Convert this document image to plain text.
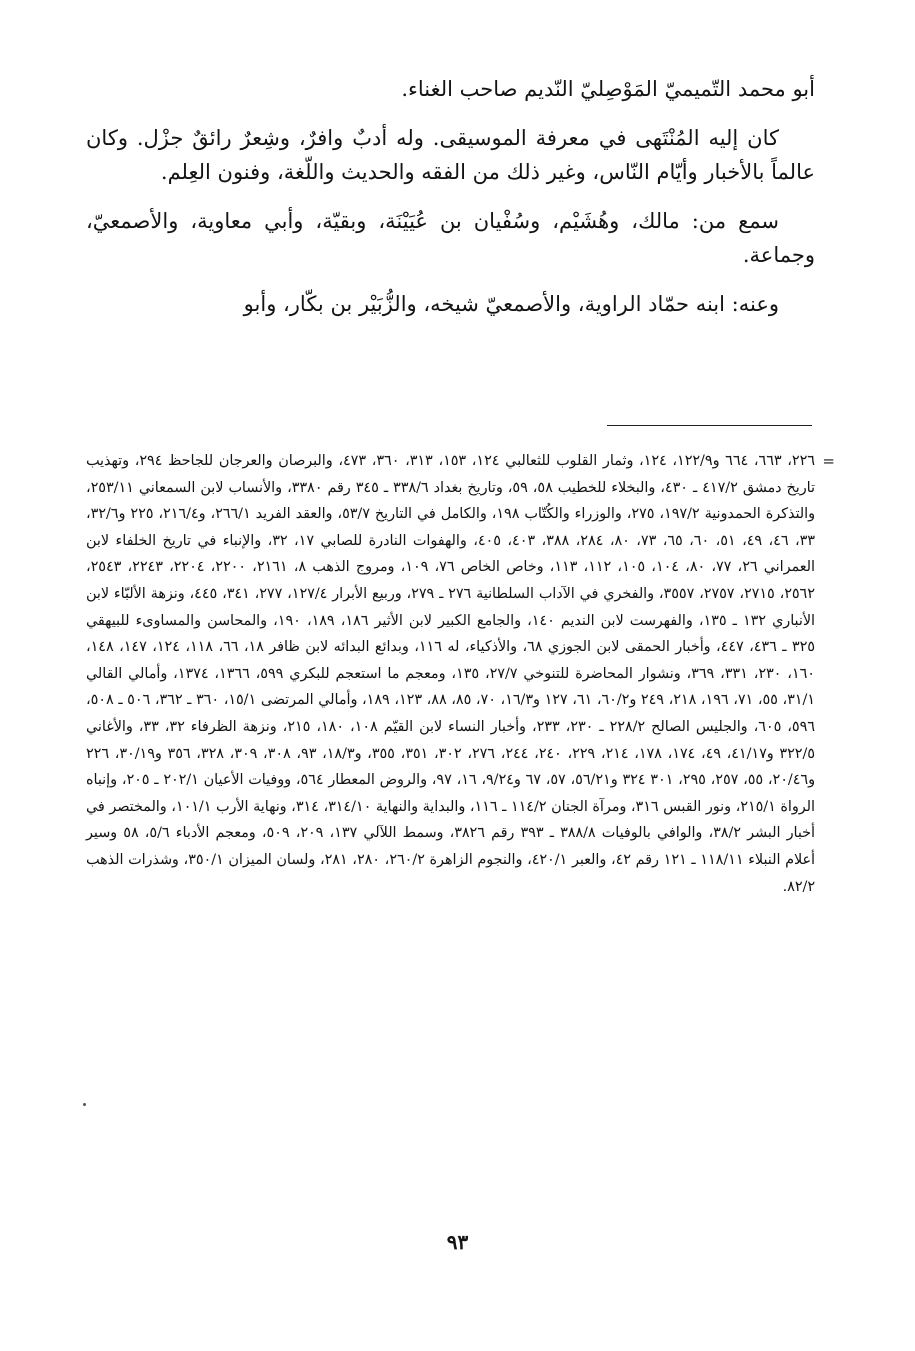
أبو محمد التّميميّ المَوْصِليّ النّديم صاحب الغناء.

كان إليه المُنْتَهى في معرفة الموسيقى. وله أدبٌ وافرٌ، وشِعرٌ رائقٌ جزْل. وكان عالماً بالأخبار وأيّام النّاس، وغير ذلك من الفقه والحديث واللّغة، وفنون العِلم.

سمع من: مالك، وهُشَيْم، وسُفْيان بن عُيَيْنَة، وبقيّة، وأبي معاوية، والأصمعيّ، وجماعة.

وعنه: ابنه حمّاد الراوية، والأصمعيّ شيخه، والزُّبَيْر بن بكّار، وأبو

=

٢٢٦، ٦٦٣، ٦٦٤ و١٢٢/٩، ١٢٤، وثمار القلوب للثعالبي ١٢٤، ١٥٣، ٣١٣، ٣٦٠، ٤٧٣، والبرصان والعرجان للجاحظ ٢٩٤، وتهذيب تاريخ دمشق ٤١٧/٢ ـ ٤٣٠، والبخلاء للخطيب ٥٨، ٥٩، وتاريخ بغداد ٣٣٨/٦ ـ ٣٤٥ رقم ٣٣٨٠، والأنساب لابن السمعاني ٢٥٣/١١، والتذكرة الحمدونية ١٩٧/٢، ٢٧٥، والوزراء والكُتّاب ١٩٨، والكامل في التاريخ ٥٣/٧، والعقد الفريد ٢٦٦/١، و٢١٦/٤، ٢٢٥ و٣٢/٦، ٣٣، ٤٦، ٤٩، ٥١، ٦٠، ٦٥، ٧٣، ٨٠، ٢٨٤، ٣٨٨، ٤٠٣، ٤٠٥، والهفوات النادرة للصابي ١٧، ٣٢، والإنباء في تاريخ الخلفاء لابن العمراني ٢٦، ٧٧، ٨٠، ١٠٤، ١٠٥، ١١٢، ١١٣، وخاص الخاص ٧٦، ١٠٩، ومروج الذهب ٨، ٢١٦١، ٢٢٠٠، ٢٢٠٤، ٢٢٤٣، ٢٥٤٣، ٢٥٦٢، ٢٧١٥، ٢٧٥٧، ٣٥٥٧، والفخري في الآداب السلطانية ٢٧٦ ـ ٢٧٩، وربيع الأبرار ١٢٧/٤، ٢٧٧، ٣٤١، ٤٤٥، ونزهة الألبّاء لابن الأنباري ١٣٢ ـ ١٣٥، والفهرست لابن النديم ١٤٠، والجامع الكبير لابن الأثير ١٨٦، ١٨٩، ١٩٠، والمحاسن والمساوىء للبيهقي ٣٢٥ ـ ٤٣٦، ٤٤٧، وأخبار الحمقى لابن الجوزي ٦٨، والأذكياء، له ١١٦، وبدائع البدائه لابن ظافر ١٨، ٦٦، ١١٨، ١٢٤، ١٤٧، ١٤٨، ١٦٠، ٢٣٠، ٣٣١، ٣٦٩، ونشوار المحاضرة للتنوخي ٢٧/٧، ١٣٥، ومعجم ما استعجم للبكري ٥٩٩، ١٣٦٦، ١٣٧٤، وأمالي القالي ٣١/١، ٥٥، ٧١، ١٩٦، ٢١٨، ٢٤٩ و٦٠/٢، ٦١، ١٢٧ و١٦/٣، ٧٠، ٨٥، ٨٨، ١٢٣، ١٨٩، وأمالي المرتضى ١٥/١، ٣٦٠ ـ ٣٦٢، ٥٠٦ ـ ٥٠٨، ٥٩٦، ٦٠٥، والجليس الصالح ٢٢٨/٢ ـ ٢٣٠، ٢٣٣، وأخبار النساء لابن القيّم ١٠٨، ١٨٠، ٢١٥، ونزهة الظرفاء ٣٢، ٣٣، والأغاني ٣٢٢/٥ و٤١/١٧، ٤٩، ١٧٤، ١٧٨، ٢١٤، ٢٢٩، ٢٤٠، ٢٤٤، ٢٧٦، ٣٠٢، ٣٥١، ٣٥٥، و١٨/٣، ٩٣، ٣٠٨، ٣٠٩، ٣٢٨، ٣٥٦ و٣٠/١٩، ٢٢٦ و٢٠/٤٦، ٥٥، ٢٥٧، ٢٩٥، ٣٠١ ٣٢٤ و٥٦/٢١، ٥٧، ٦٧ و٩/٢٤، ١٦، ٩٧، والروض المعطار ٥٦٤، ووفيات الأعيان ٢٠٢/١ ـ ٢٠٥، وإنباه الرواة ٢١٥/١، ونور القبس ٣١٦، ومرآة الجنان ١١٤/٢ ـ ١١٦، والبداية والنهاية ٣١٤/١٠، ٣١٤، ونهاية الأرب ١٠١/١، والمختصر في أخبار البشر ٣٨/٢، والوافي بالوفيات ٣٨٨/٨ ـ ٣٩٣ رقم ٣٨٢٦، وسمط اللآلي ١٣٧، ٢٠٩، ٥٠٩، ومعجم الأدباء ٥/٦، ٥٨ وسير أعلام النبلاء ١١٨/١١ ـ ١٢١ رقم ٤٢، والعبر ٤٢٠/١، والنجوم الزاهرة ٢٦٠/٢، ٢٨٠، ٢٨١، ولسان الميزان ٣٥٠/١، وشذرات الذهب ٨٢/٢.

٩٣
